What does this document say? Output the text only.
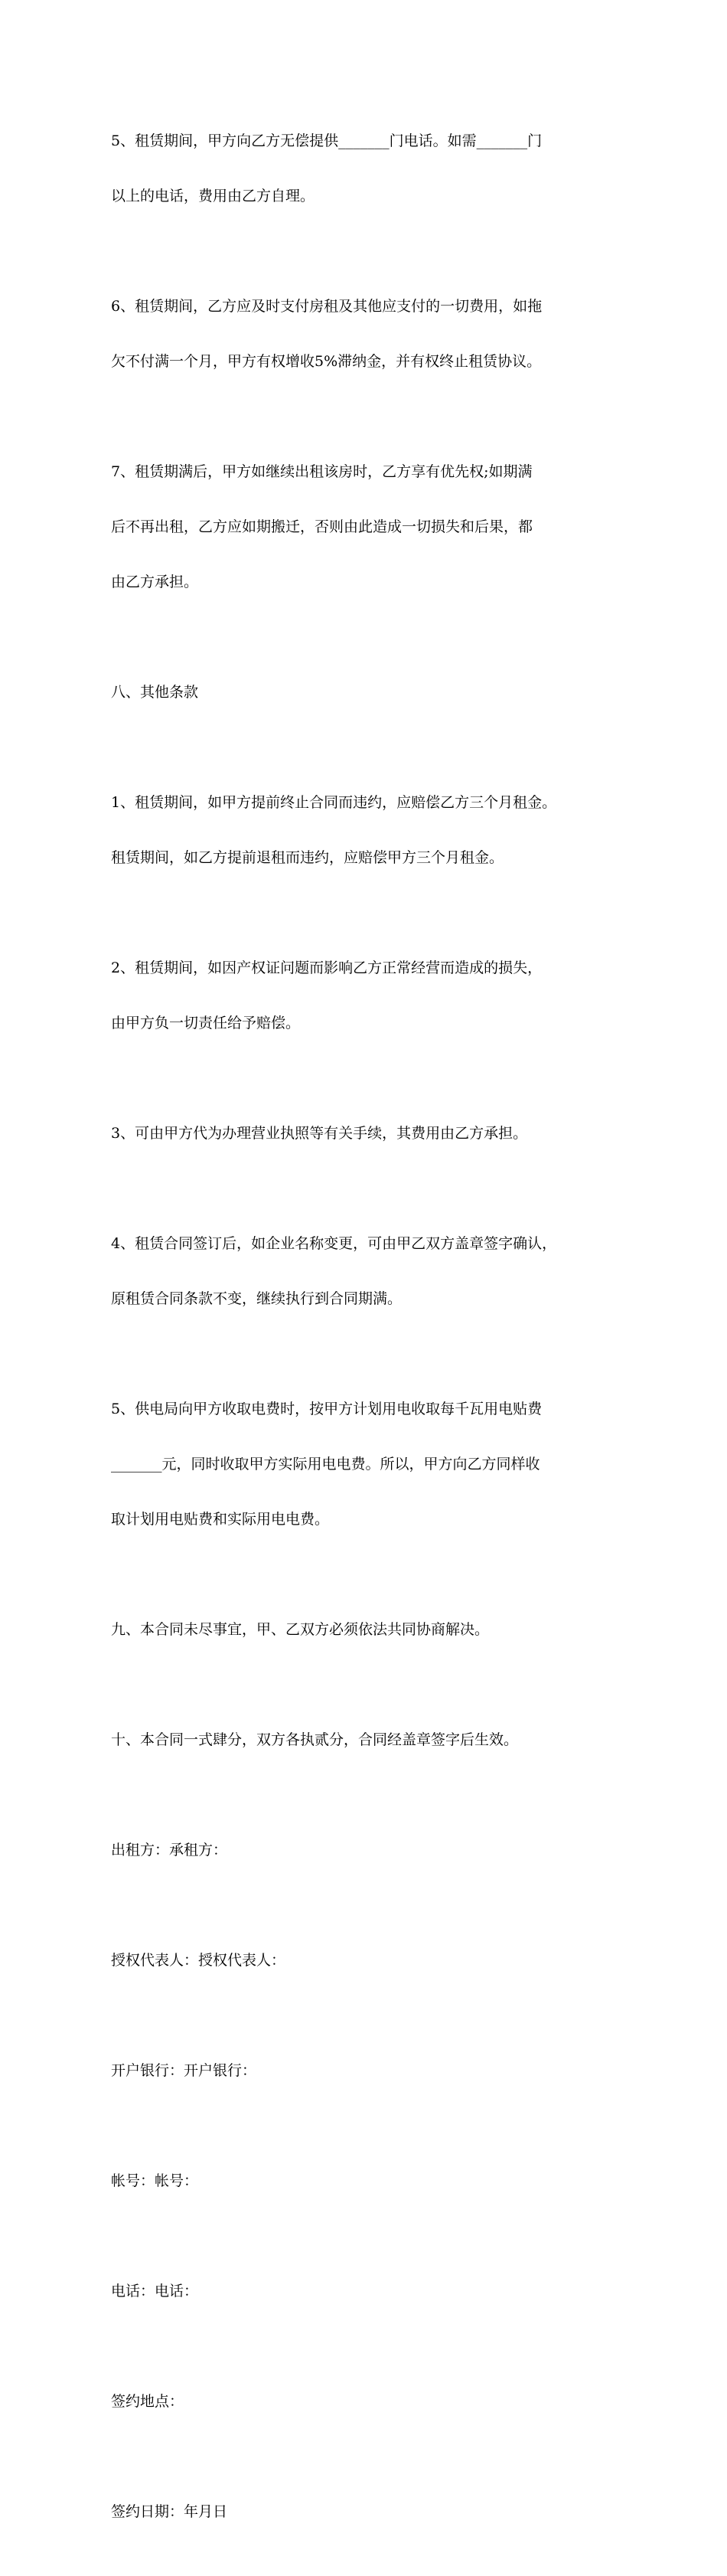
5、租赁期间，甲方向乙方无偿提供_______门电话。如需_______门

以上的电话，费用由乙方自理。

6、租赁期间，乙方应及时支付房租及其他应支付的一切费用，如拖

欠不付满一个月，甲方有权增收5%滞纳金，并有权终止租赁协议。

7、租赁期满后，甲方如继续出租该房时，乙方享有优先权;如期满

后不再出租，乙方应如期搬迁，否则由此造成一切损失和后果，都

由乙方承担。

八、其他条款

1、租赁期间，如甲方提前终止合同而违约，应赔偿乙方三个月租金。

租赁期间，如乙方提前退租而违约，应赔偿甲方三个月租金。

2、租赁期间，如因产权证问题而影响乙方正常经营而造成的损失，

由甲方负一切责任给予赔偿。

3、可由甲方代为办理营业执照等有关手续，其费用由乙方承担。

4、租赁合同签订后，如企业名称变更，可由甲乙双方盖章签字确认，

原租赁合同条款不变，继续执行到合同期满。

5、供电局向甲方收取电费时，按甲方计划用电收取每千瓦用电贴费

_______元，同时收取甲方实际用电电费。所以，甲方向乙方同样收

取计划用电贴费和实际用电电费。

九、本合同未尽事宜，甲、乙双方必须依法共同协商解决。

十、本合同一式肆分，双方各执贰分，合同经盖章签字后生效。

出租方：承租方：

授权代表人：授权代表人：

开户银行：开户银行：

帐号：帐号：

电话：电话：

签约地点：

签约日期：年月日
